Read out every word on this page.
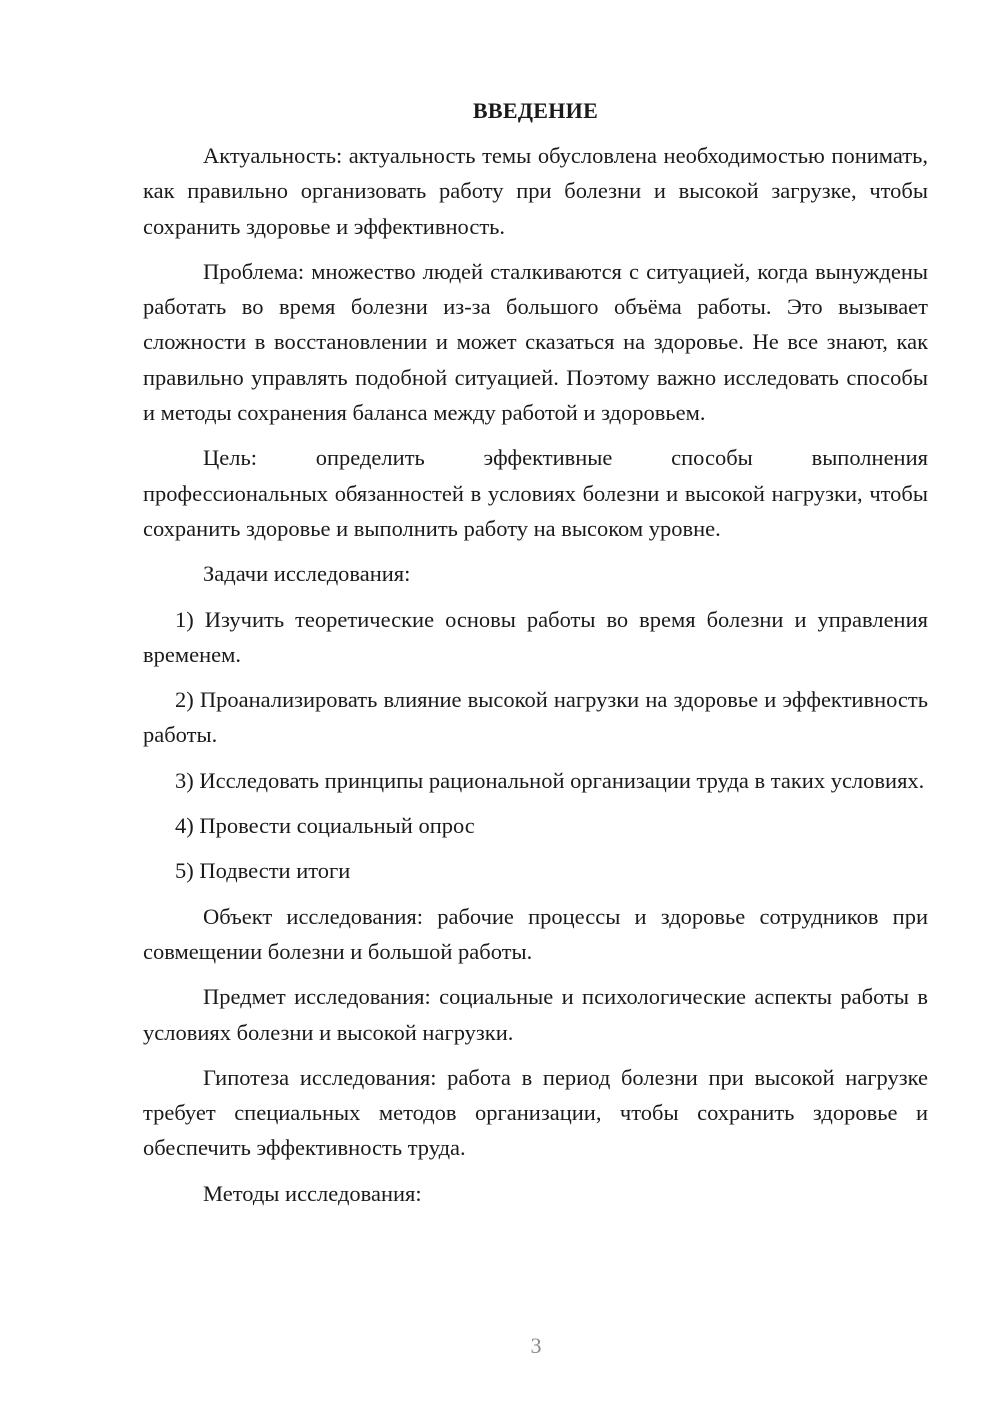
ВВЕДЕНИЕ

Актуальность: актуальность темы обусловлена необходимостью понимать, как правильно организовать работу при болезни и высокой загрузке, чтобы сохранить здоровье и эффективность.

Проблема: множество людей сталкиваются с ситуацией, когда вынуждены работать во время болезни из-за большого объёма работы. Это вызывает сложности в восстановлении и может сказаться на здоровье. Не все знают, как правильно управлять подобной ситуацией. Поэтому важно исследовать способы и методы сохранения баланса между работой и здоровьем.

Цель: определить эффективные способы выполнения

профессиональных обязанностей в условиях болезни и высокой нагрузки, чтобы сохранить здоровье и выполнить работу на высоком уровне.

Задачи исследования:

1) Изучить теоретические основы работы во время болезни и управления временем.

2) Проанализировать влияние высокой нагрузки на здоровье и эффективность работы.

3) Исследовать принципы рациональной организации труда в таких условиях.

4) Провести социальный опрос

5) Подвести итоги

Объект исследования: рабочие процессы и здоровье сотрудников при совмещении болезни и большой работы.

Предмет исследования: социальные и психологические аспекты работы в условиях болезни и высокой нагрузки.

Гипотеза исследования: работа в период болезни при высокой нагрузке требует специальных методов организации, чтобы сохранить здоровье и обеспечить эффективность труда.

Методы исследования:

3
